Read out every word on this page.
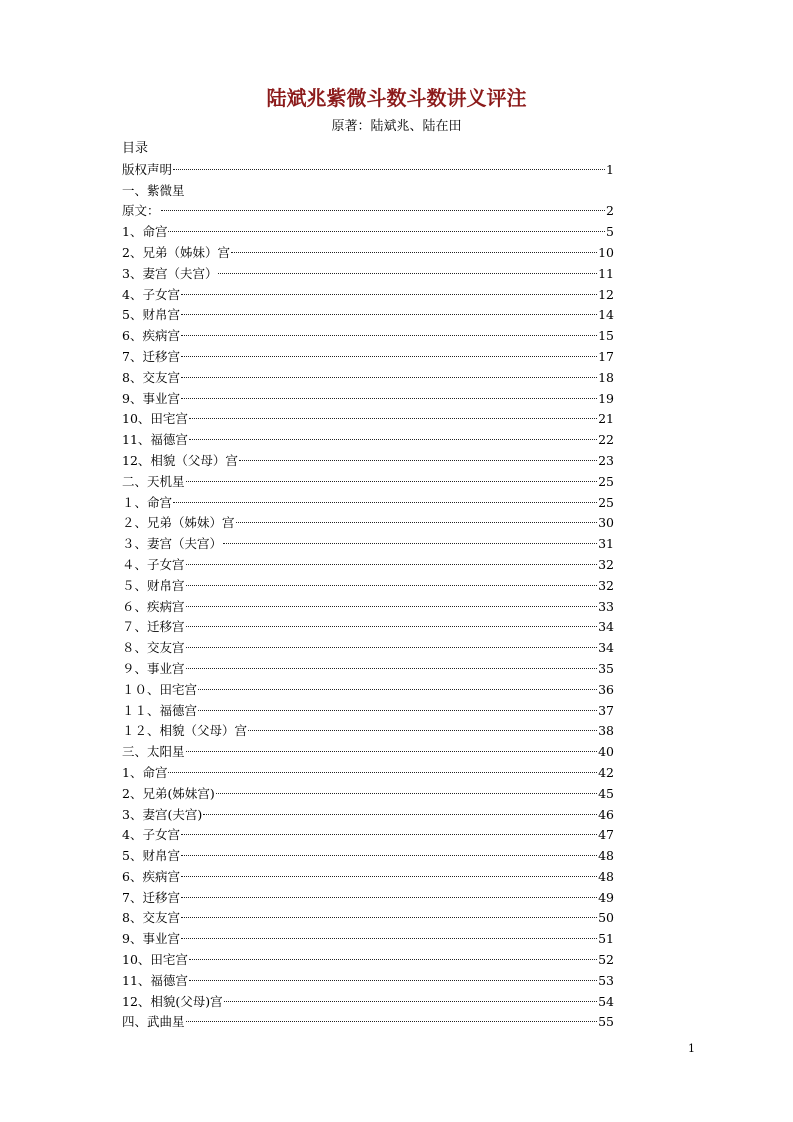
陆斌兆紫微斗数斗数讲义评注
原著：陆斌兆、陆在田
目录
版权声明	1
一、紫微星
原文：	2
1、命宫	5
2、兄弟（姊妹）宫	10
3、妻宫（夫宫）	11
4、子女宫	12
5、财帛宫	14
6、疾病宫	15
7、迁移宫	17
8、交友宫	18
9、事业宫	19
10、田宅宫	21
11、福德宫	22
12、相貌（父母）宫	23
二、天机星	25
１、命宫	25
２、兄弟（姊妹）宫	30
３、妻宫（夫宫）	31
４、子女宫	32
５、财帛宫	32
６、疾病宫	33
７、迁移宫	34
８、交友宫	34
９、事业宫	35
１０、田宅宫	36
１１、福德宫	37
１２、相貌（父母）宫	38
三、太阳星	40
1、命宫	42
2、兄弟(姊妹宫)	45
3、妻宫(夫宫)	46
4、子女宫	47
5、财帛宫	48
6、疾病宫	48
7、迁移宫	49
8、交友宫	50
9、事业宫	51
10、田宅宫	52
11、福德宫	53
12、相貌(父母)宫	54
四、武曲星	55
1
